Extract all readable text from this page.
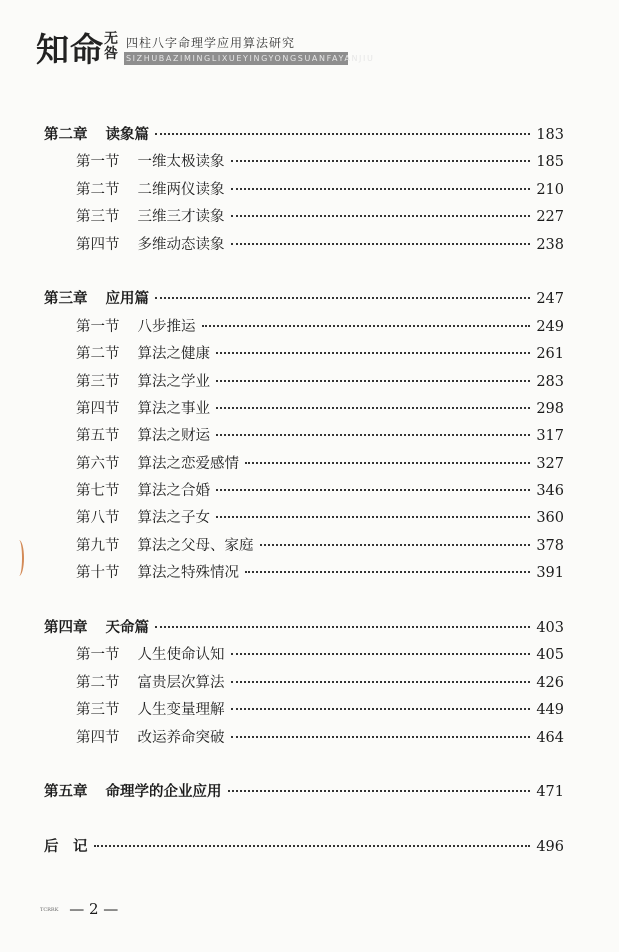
知命 无
咎
四柱八字命理学应用算法研究
SIZHUBAZIMINGLIXUEYINGYONGSUANFAYANJIU
第二章 读象篇	183
第一节 一维太极读象	185
第二节 二维两仪读象	210
第三节 三维三才读象	227
第四节 多维动态读象	238
第三章 应用篇	247
第一节 八步推运	249
第二节 算法之健康	261
第三节 算法之学业	283
第四节 算法之事业	298
第五节 算法之财运	317
第六节 算法之恋爱感情	327
第七节 算法之合婚	346
第八节 算法之子女	360
第九节 算法之父母、家庭	378
第十节 算法之特殊情况	391
第四章 天命篇	403
第一节 人生使命认知	405
第二节 富贵层次算法	426
第三节 人生变量理解	449
第四节 改运养命突破	464
第五章 命理学的企业应用	471
后　记	496
$^{TCRRK}$ — 2 —
